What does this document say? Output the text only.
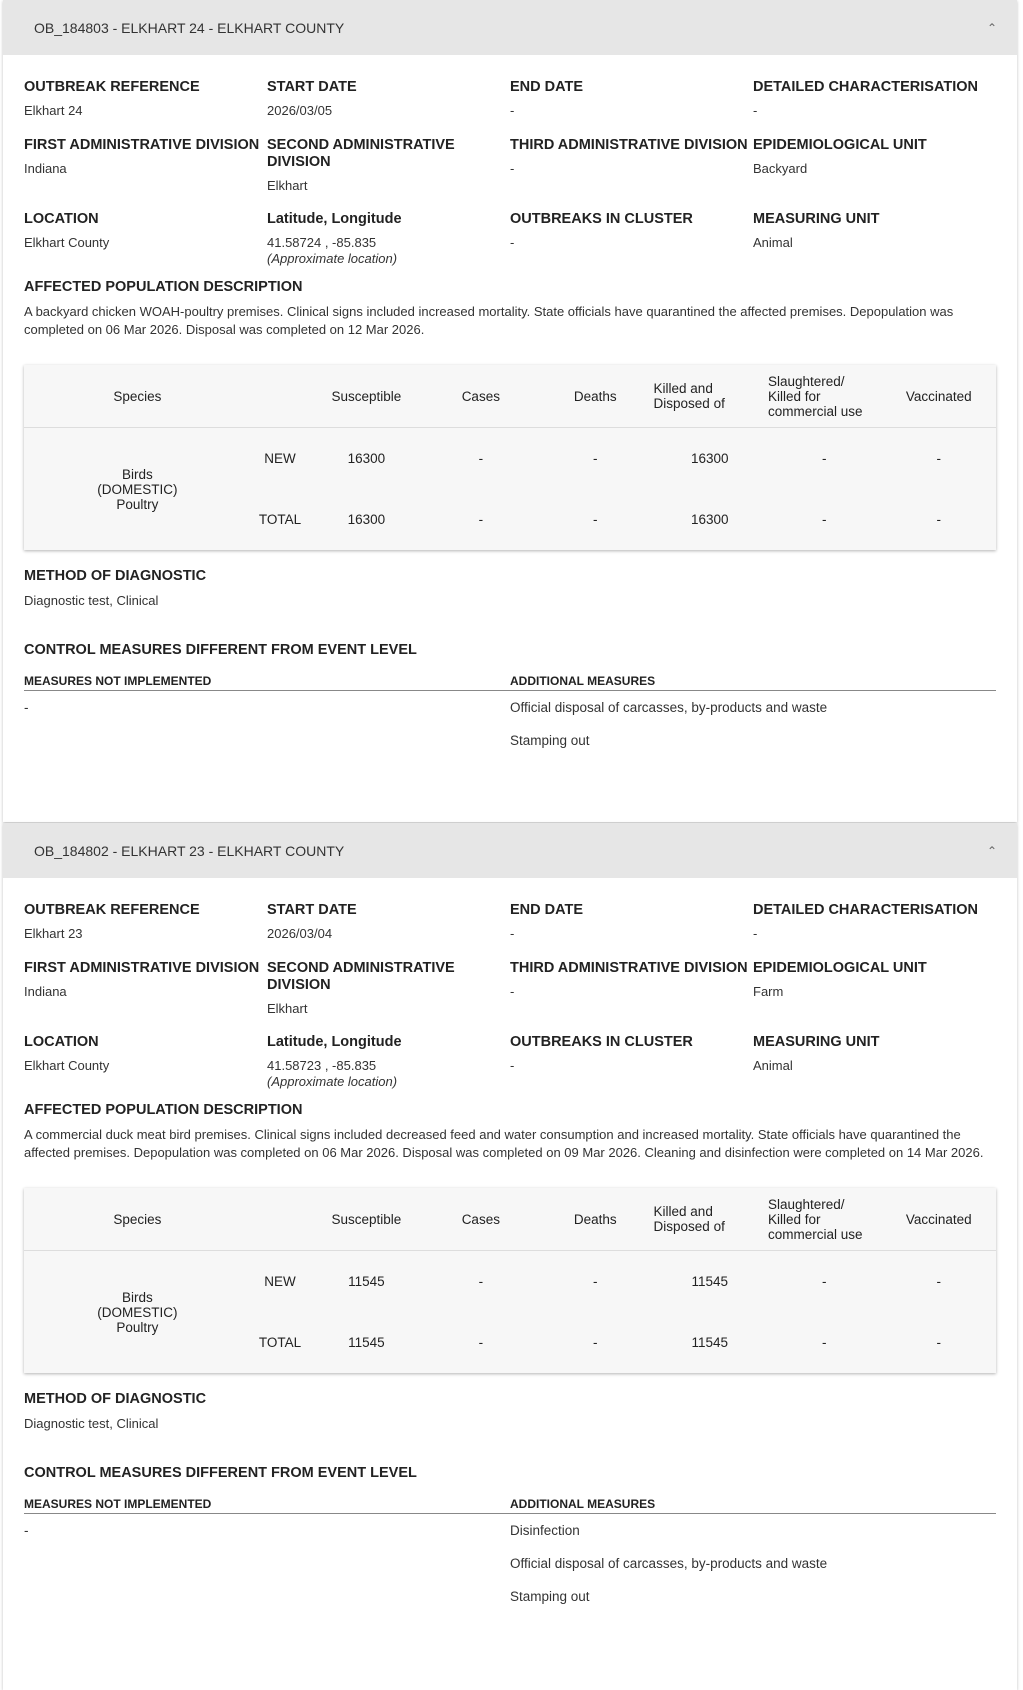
OB_184803 - ELKHART 24 - ELKHART COUNTY	⌃
OUTBREAK REFERENCE
Elkhart 24
START DATE
2026/03/05
END DATE
-
DETAILED CHARACTERISATION
-
FIRST ADMINISTRATIVE DIVISION
Indiana
SECOND ADMINISTRATIVE DIVISION
Elkhart
THIRD ADMINISTRATIVE DIVISION
-
EPIDEMIOLOGICAL UNIT
Backyard
LOCATION
Elkhart County
Latitude, Longitude
41.58724 , -85.835
(Approximate location)
OUTBREAKS IN CLUSTER
-
MEASURING UNIT
Animal
AFFECTED POPULATION DESCRIPTION
A backyard chicken WOAH-poultry premises. Clinical signs included increased mortality. State officials have quarantined the affected premises. Depopulation was completed on 06 Mar 2026. Disposal was completed on 12 Mar 2026.
Species		Susceptible	Cases	Deaths	Killed and Disposed of	Slaughtered/ Killed for commercial use	Vaccinated
Birds (DOMESTIC) Poultry	NEW	16300	-	-	16300	-	-
	TOTAL	16300	-	-	16300	-	-
METHOD OF DIAGNOSTIC
Diagnostic test, Clinical
CONTROL MEASURES DIFFERENT FROM EVENT LEVEL
MEASURES NOT IMPLEMENTED
-
ADDITIONAL MEASURES
Official disposal of carcasses, by-products and waste
Stamping out
OB_184802 - ELKHART 23 - ELKHART COUNTY	⌃
OUTBREAK REFERENCE
Elkhart 23
START DATE
2026/03/04
END DATE
-
DETAILED CHARACTERISATION
-
FIRST ADMINISTRATIVE DIVISION
Indiana
SECOND ADMINISTRATIVE DIVISION
Elkhart
THIRD ADMINISTRATIVE DIVISION
-
EPIDEMIOLOGICAL UNIT
Farm
LOCATION
Elkhart County
Latitude, Longitude
41.58723 , -85.835
(Approximate location)
OUTBREAKS IN CLUSTER
-
MEASURING UNIT
Animal
AFFECTED POPULATION DESCRIPTION
A commercial duck meat bird premises. Clinical signs included decreased feed and water consumption and increased mortality. State officials have quarantined the affected premises. Depopulation was completed on 06 Mar 2026. Disposal was completed on 09 Mar 2026. Cleaning and disinfection were completed on 14 Mar 2026.
Species		Susceptible	Cases	Deaths	Killed and Disposed of	Slaughtered/ Killed for commercial use	Vaccinated
Birds (DOMESTIC) Poultry	NEW	11545	-	-	11545	-	-
	TOTAL	11545	-	-	11545	-	-
METHOD OF DIAGNOSTIC
Diagnostic test, Clinical
CONTROL MEASURES DIFFERENT FROM EVENT LEVEL
MEASURES NOT IMPLEMENTED
-
ADDITIONAL MEASURES
Disinfection
Official disposal of carcasses, by-products and waste
Stamping out
